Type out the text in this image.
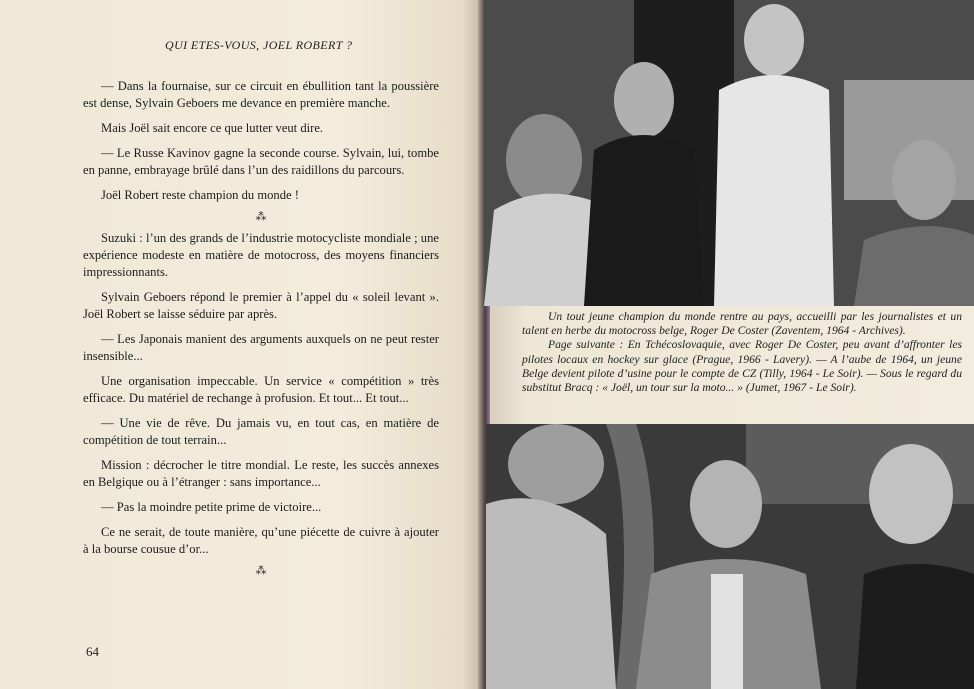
QUI ETES-VOUS, JOEL ROBERT ?

— Dans la fournaise, sur ce circuit en ébullition tant la poussière est dense, Sylvain Geboers me devance en première manche.

Mais Joël sait encore ce que lutter veut dire.

— Le Russe Kavinov gagne la seconde course. Sylvain, lui, tombe en panne, embrayage brûlé dans l’un des raidillons du parcours.

Joël Robert reste champion du monde !

⁂

Suzuki : l’un des grands de l’industrie motocycliste mondiale ; une expérience modeste en matière de motocross, des moyens financiers impressionnants.

Sylvain Geboers répond le premier à l’appel du « soleil levant ». Joël Robert se laisse séduire par après.

— Les Japonais manient des arguments auxquels on ne peut rester insensible...

Une organisation impeccable. Un service « compétition » très efficace. Du matériel de rechange à profusion. Et tout... Et tout...

— Une vie de rêve. Du jamais vu, en tout cas, en matière de compétition de tout terrain...

Mission : décrocher le titre mondial. Le reste, les succès annexes en Belgique ou à l’étranger : sans importance...

— Pas la moindre petite prime de victoire...

Ce ne serait, de toute manière, qu’une piécette de cuivre à ajouter à la bourse cousue d’or...

⁂

64

Un tout jeune champion du monde rentre au pays, accueilli par les journalistes et un talent en herbe du motocross belge, Roger De Coster (Zaventem, 1964 - Archives).

Page suivante : En Tchécoslovaquie, avec Roger De Coster, peu avant d’affronter les pilotes locaux en hockey sur glace (Prague, 1966 - Lavery). — A l’aube de 1964, un jeune Belge devient pilote d’usine pour le compte de CZ (Tilly, 1964 - Le Soir). — Sous le regard du substitut Bracq : « Joël, un tour sur la moto... » (Jumet, 1967 - Le Soir).
